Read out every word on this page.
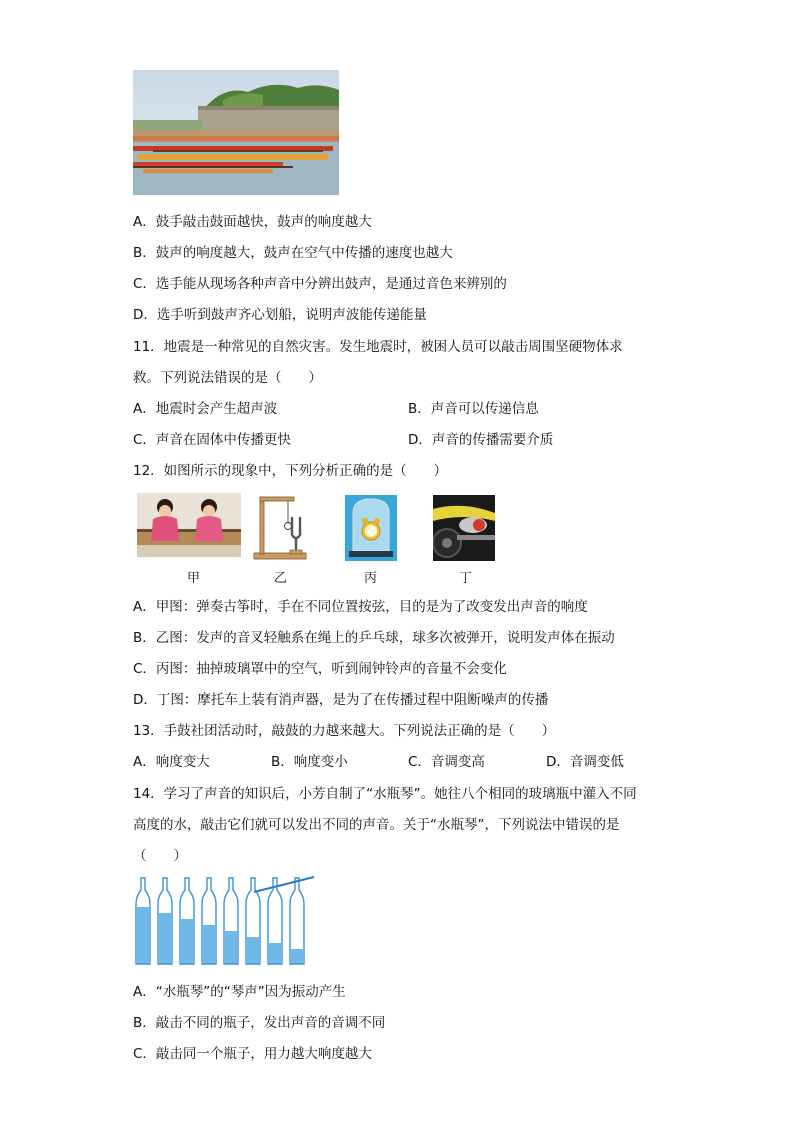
A．鼓手敲击鼓面越快，鼓声的响度越大
B．鼓声的响度越大，鼓声在空气中传播的速度也越大
C．选手能从现场各种声音中分辨出鼓声，是通过音色来辨别的
D．选手听到鼓声齐心划船，说明声波能传递能量
11．地震是一种常见的自然灾害。发生地震时，被困人员可以敲击周围坚硬物体求
救。下列说法错误的是（　　）
A．地震时会产生超声波	B．声音可以传递信息
C．声音在固体中传播更快	D．声音的传播需要介质
12．如图所示的现象中，下列分析正确的是（　　）
甲	乙	丙	丁
A．甲图：弹奏古筝时，手在不同位置按弦，目的是为了改变发出声音的响度
B．乙图：发声的音叉轻触系在绳上的乒乓球，球多次被弹开，说明发声体在振动
C．丙图：抽掉玻璃罩中的空气，听到闹钟铃声的音量不会变化
D．丁图：摩托车上装有消声器，是为了在传播过程中阻断噪声的传播
13．手鼓社团活动时，敲鼓的力越来越大。下列说法正确的是（　　）
A．响度变大	B．响度变小	C．音调变高	D．音调变低
14．学习了声音的知识后，小芳自制了“水瓶琴”。她往八个相同的玻璃瓶中灌入不同
高度的水，敲击它们就可以发出不同的声音。关于“水瓶琴”，下列说法中错误的是
（　　）
A．“水瓶琴”的“琴声”因为振动产生
B．敲击不同的瓶子，发出声音的音调不同
C．敲击同一个瓶子，用力越大响度越大
